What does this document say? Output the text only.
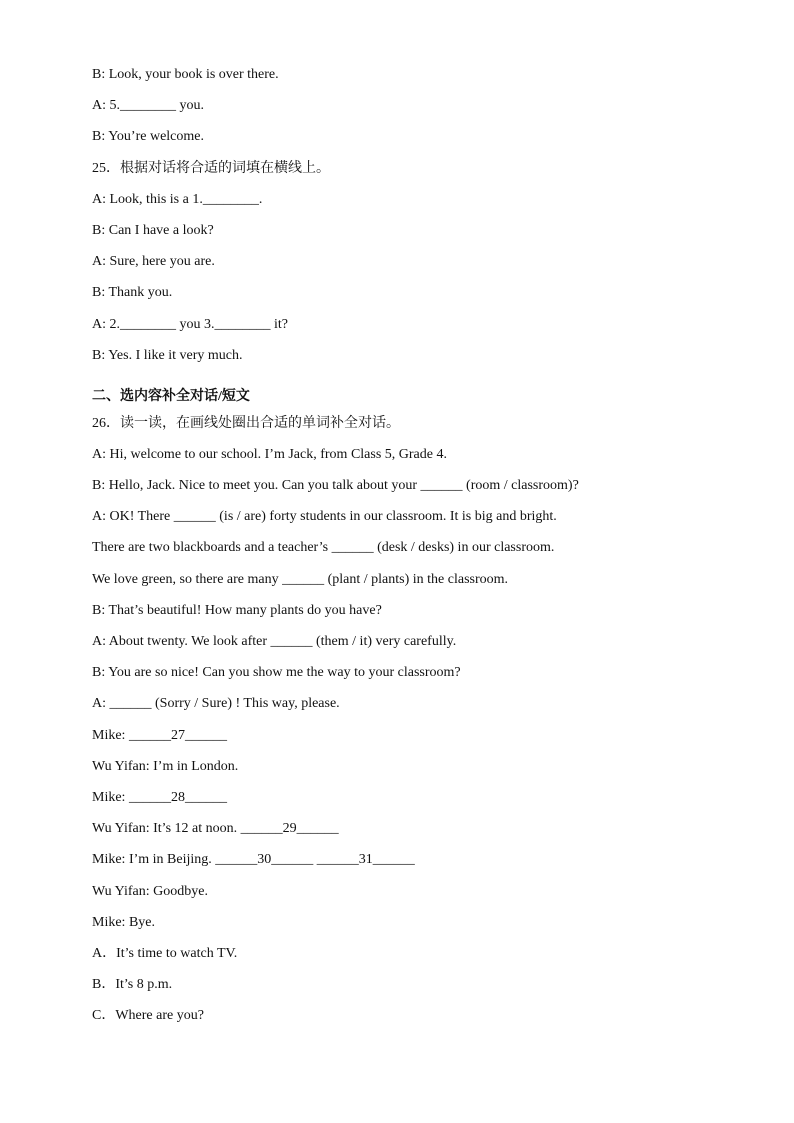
B: Look, your book is over there.
A: 5.________ you.
B: You’re welcome.
25．根据对话将合适的词填在横线上。
A: Look, this is a 1.________.
B: Can I have a look?
A: Sure, here you are.
B: Thank you.
A: 2.________ you 3.________ it?
B: Yes. I like it very much.
二、选内容补全对话/短文
26．读一读，在画线处圈出合适的单词补全对话。
A: Hi, welcome to our school. I’m Jack, from Class 5, Grade 4.
B: Hello, Jack. Nice to meet you. Can you talk about your ______ (room / classroom)?
A: OK! There ______ (is / are) forty students in our classroom. It is big and bright.
There are two blackboards and a teacher’s ______ (desk / desks) in our classroom.
We love green, so there are many ______ (plant / plants) in the classroom.
B: That’s beautiful! How many plants do you have?
A: About twenty. We look after ______ (them / it) very carefully.
B: You are so nice! Can you show me the way to your classroom?
A: ______ (Sorry / Sure) ! This way, please.
Mike: ______27______
Wu Yifan: I’m in London.
Mike: ______28______
Wu Yifan: It’s 12 at noon. ______29______
Mike: I’m in Beijing. ______30______ ______31______
Wu Yifan: Goodbye.
Mike: Bye.
A．It’s time to watch TV.
B．It’s 8 p.m.
C．Where are you?
